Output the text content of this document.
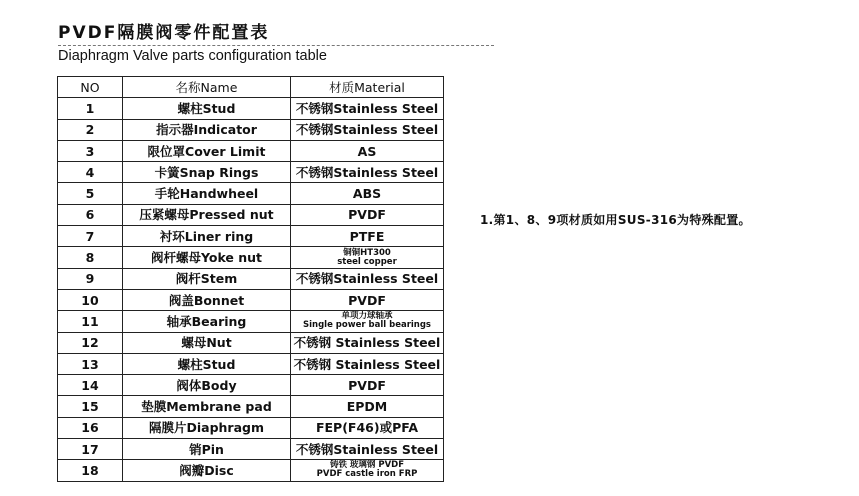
PVDF隔膜阀零件配置表
Diaphragm Valve parts configuration table
NO	名称Name	材质Material
1	螺柱Stud	不锈钢Stainless Steel
2	指示器Indicator	不锈钢Stainless Steel
3	限位罩Cover Limit	AS
4	卡簧Snap Rings	不锈钢Stainless Steel
5	手轮Handwheel	ABS
6	压紧螺母Pressed nut	PVDF
7	衬环Liner ring	PTFE
8	阀杆螺母Yoke nut	铜铜HT300
steel copper

9	阀杆Stem	不锈钢Stainless Steel
10	阀盖Bonnet	PVDF
11	轴承Bearing	单项力球轴承
Single power ball bearings

12	螺母Nut	不锈钢 Stainless Steel
13	螺柱Stud	不锈钢 Stainless Steel
14	阀体Body	PVDF
15	垫膜Membrane pad	EPDM
16	隔膜片Diaphragm	FEP(F46)或PFA
17	销Pin	不锈钢Stainless Steel
18	阀瓣Disc	铸铁 玻璃钢 PVDF
PVDF castle iron FRP
1.第1、8、9项材质如用SUS-316为特殊配置。
